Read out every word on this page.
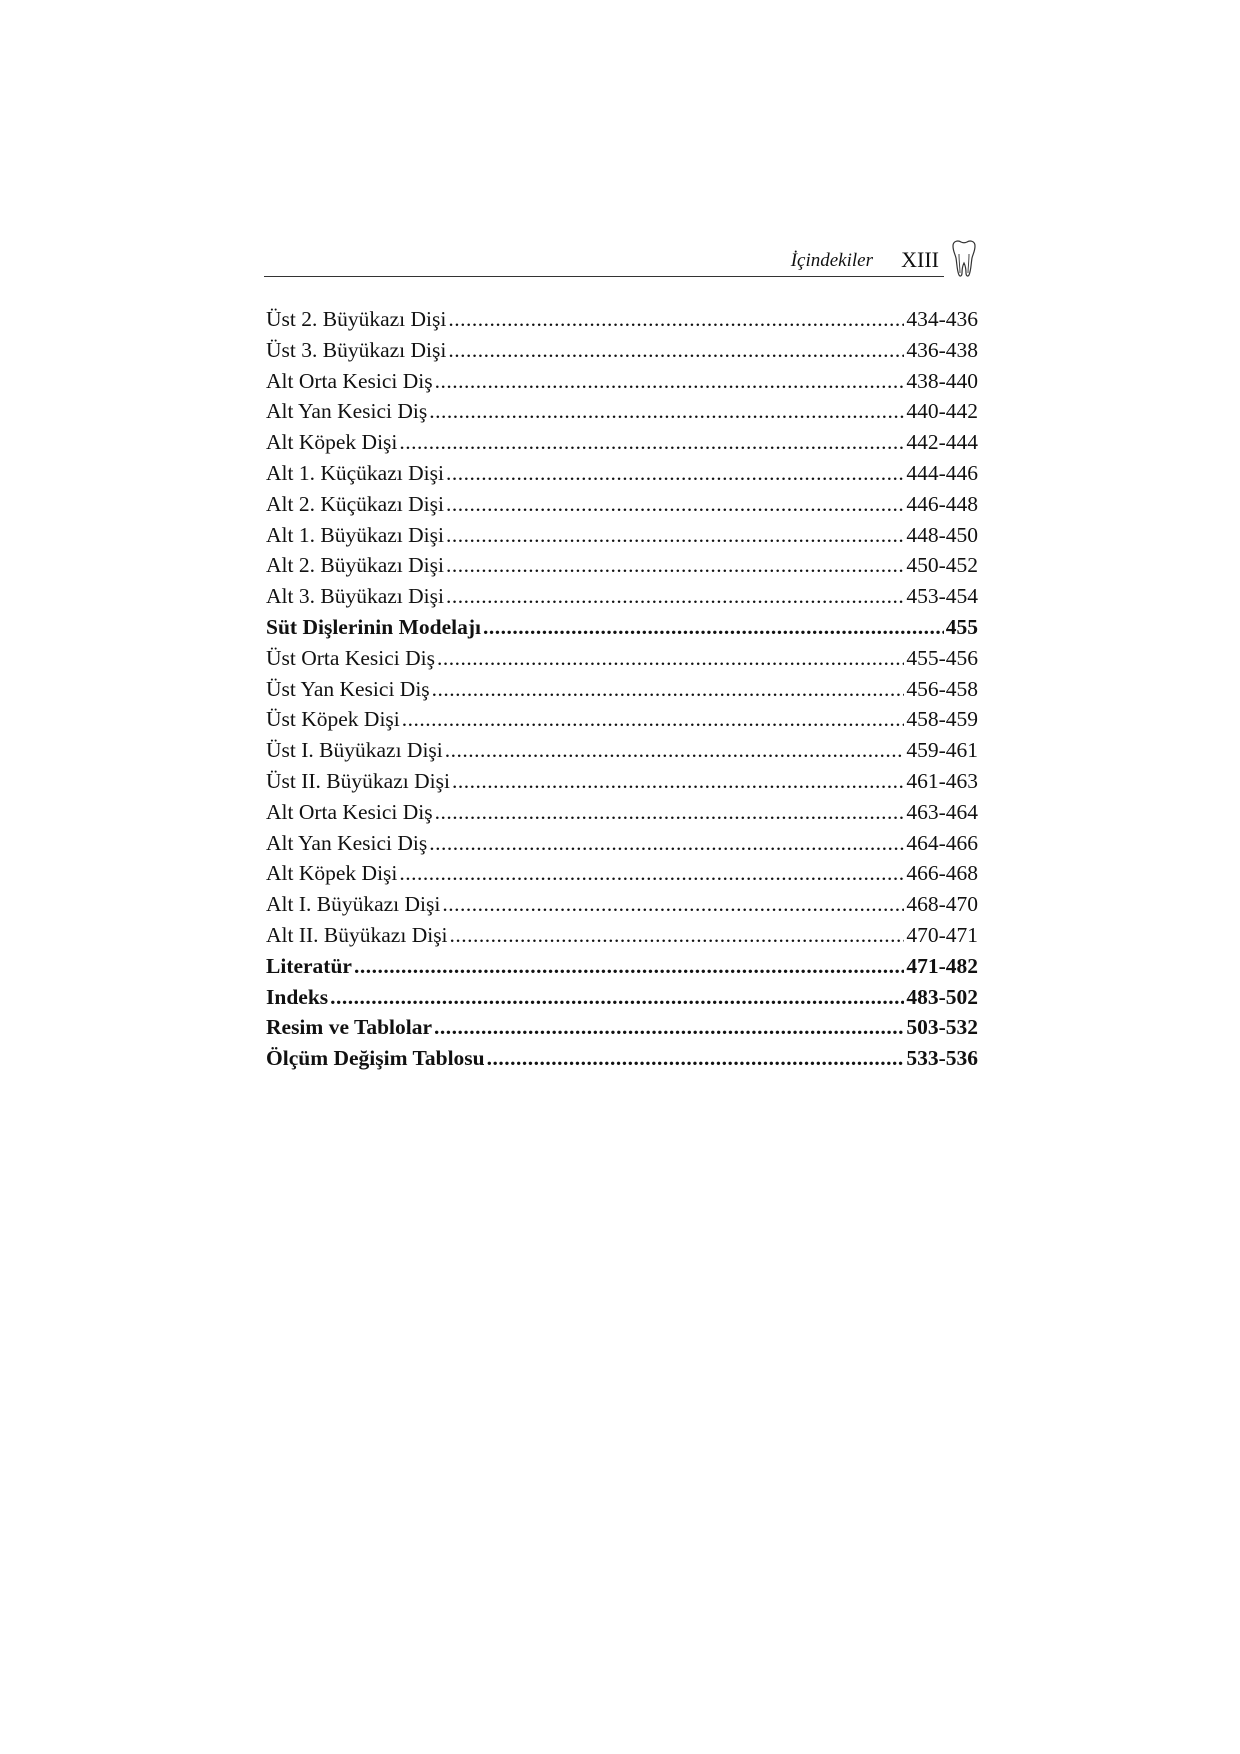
İçindekiler XIII
Üst 2. Büyükazı Dişi .....	434-436
Üst 3. Büyükazı Dişi .....	436-438
Alt Orta Kesici Diş .....	438-440
Alt Yan Kesici Diş .....	440-442
Alt Köpek Dişi .....	442-444
Alt 1. Küçükazı Dişi .....	444-446
Alt 2. Küçükazı Dişi .....	446-448
Alt 1. Büyükazı Dişi .....	448-450
Alt 2. Büyükazı Dişi .....	450-452
Alt 3. Büyükazı Dişi .....	453-454
Süt Dişlerinin Modelajı .....	455
Üst Orta Kesici Diş .....	455-456
Üst Yan Kesici Diş .....	456-458
Üst Köpek Dişi .....	458-459
Üst I. Büyükazı Dişi .....	459-461
Üst II. Büyükazı Dişi .....	461-463
Alt Orta Kesici Diş .....	463-464
Alt Yan Kesici Diş .....	464-466
Alt Köpek Dişi .....	466-468
Alt I. Büyükazı Dişi .....	468-470
Alt II. Büyükazı Dişi .....	470-471
Literatür .....	471-482
Indeks .....	483-502
Resim ve Tablolar .....	503-532
Ölçüm Değişim Tablosu .....	533-536
